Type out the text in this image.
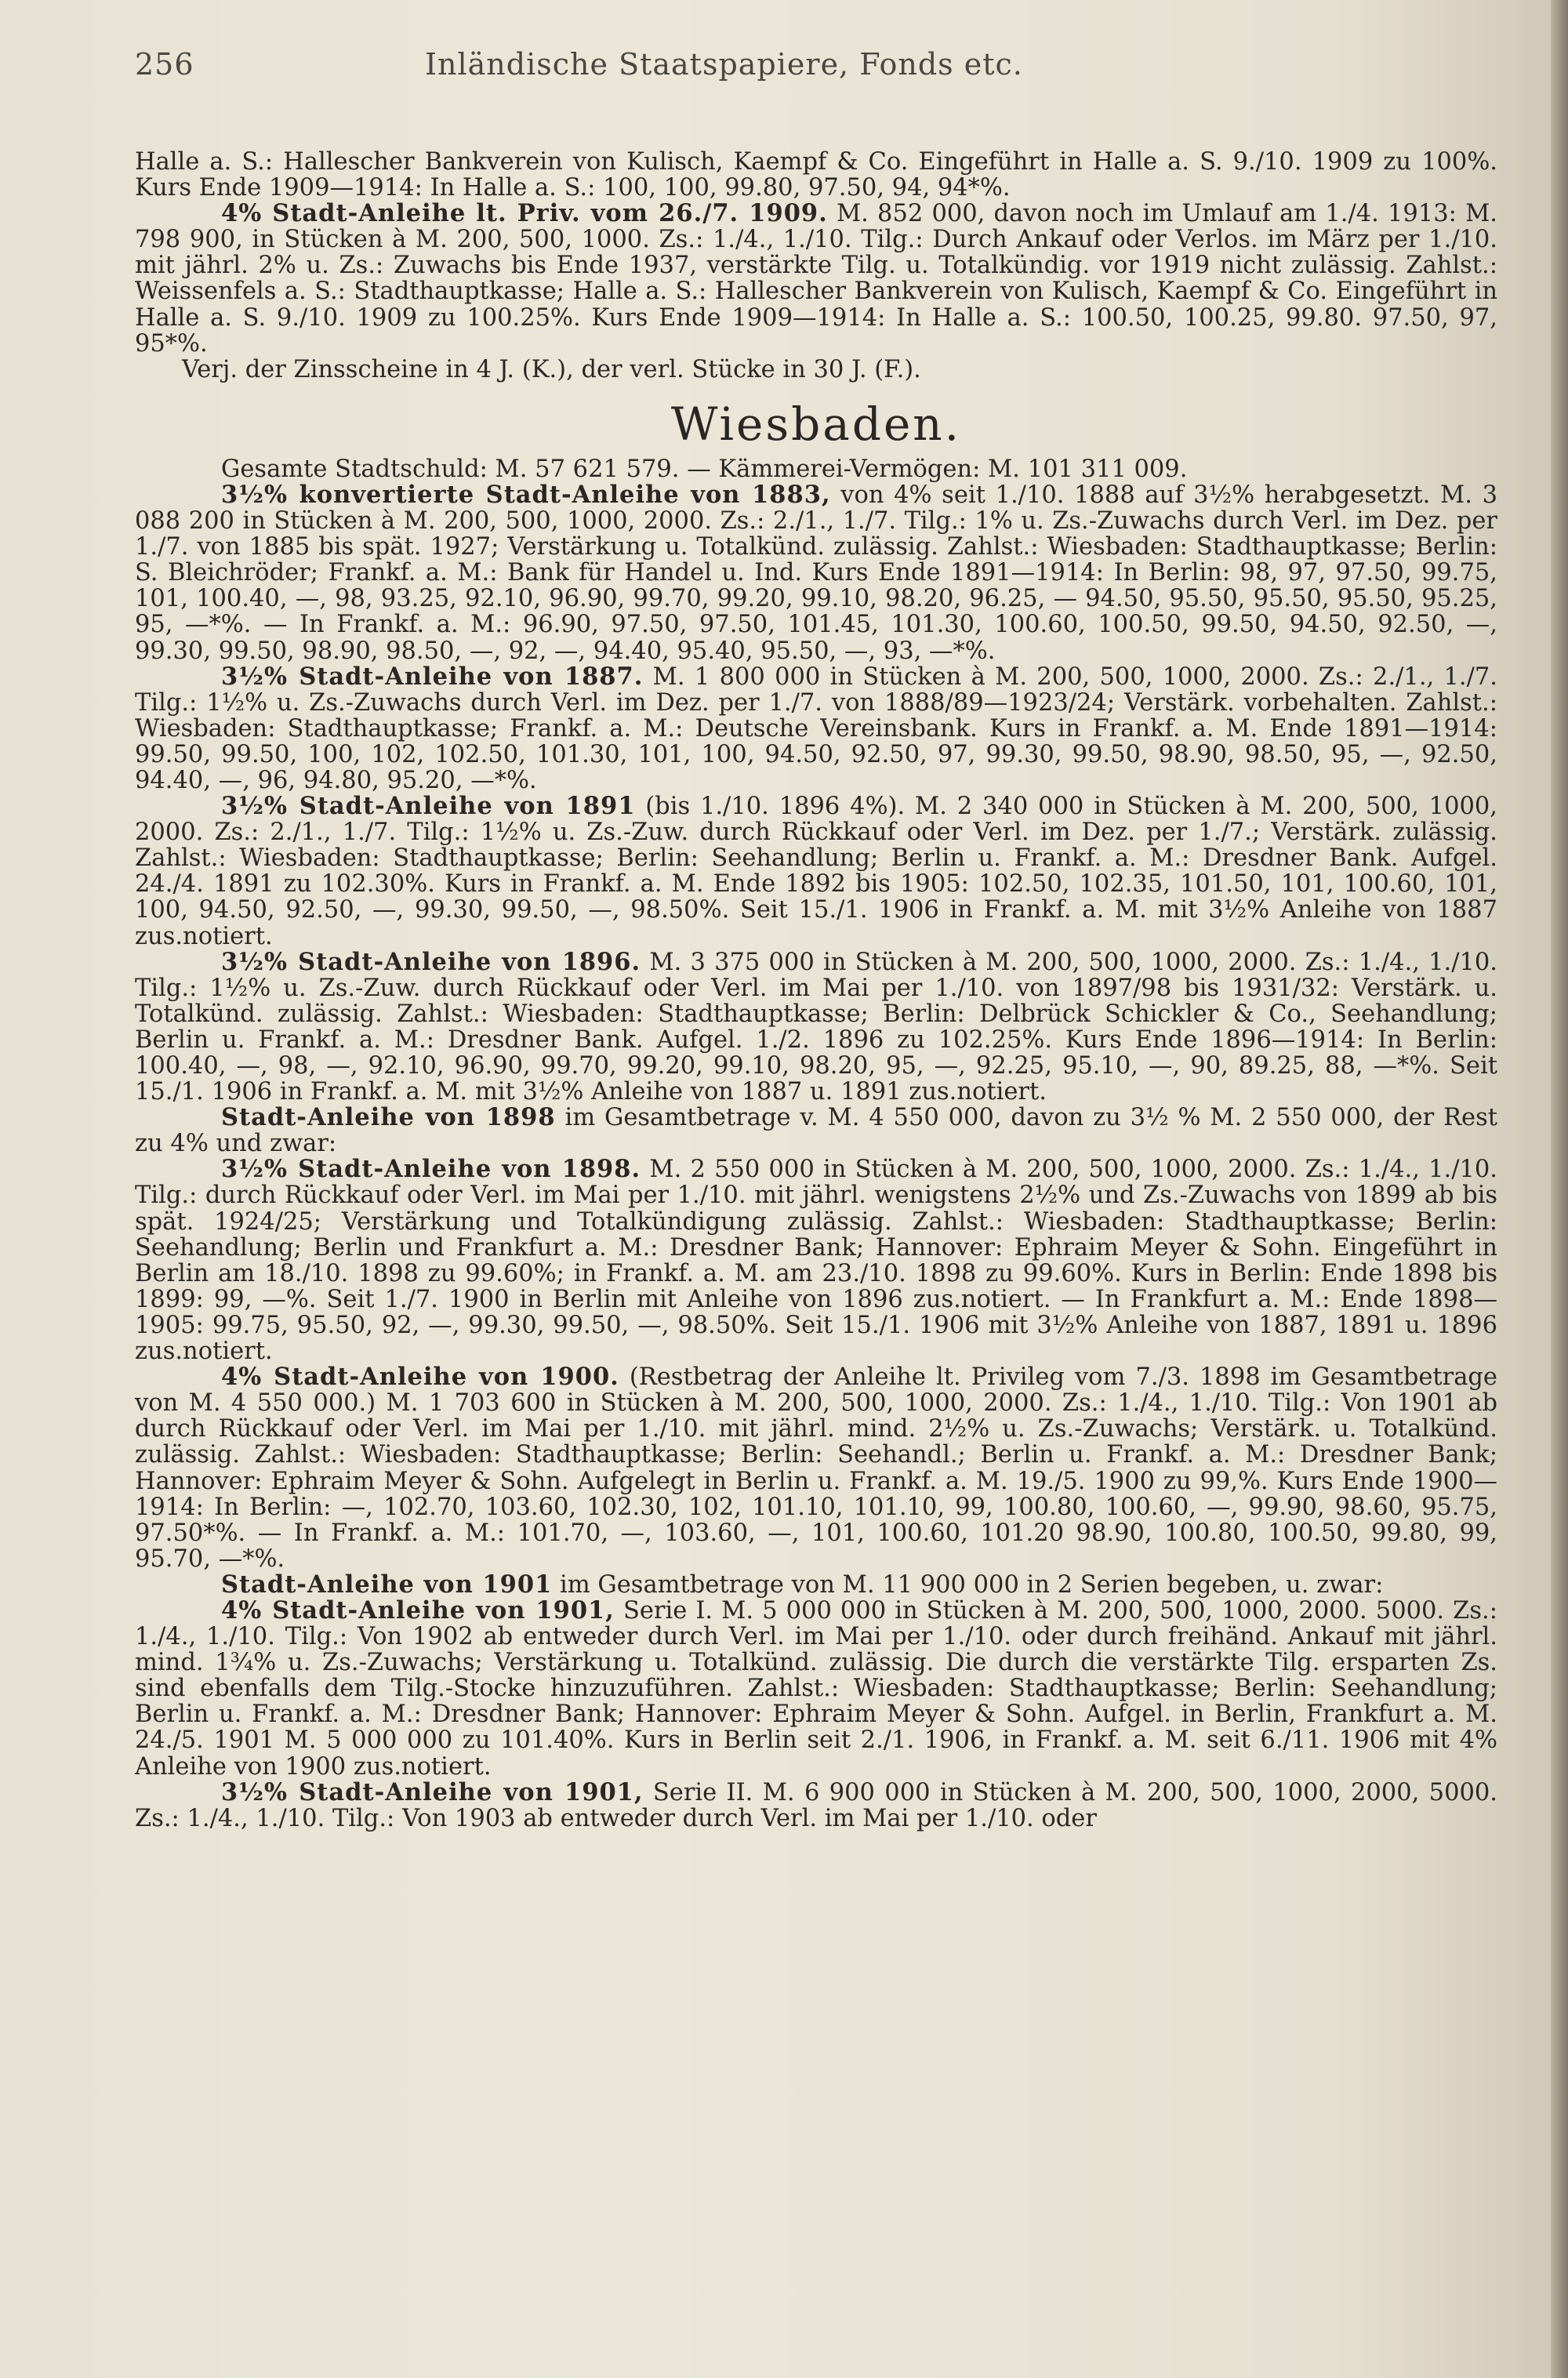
256	Inländische Staatspapiere, Fonds etc.

Halle a. S.: Hallescher Bankverein von Kulisch, Kaempf & Co. Eingeführt in Halle a. S. 9./10. 1909 zu 100%. Kurs Ende 1909—1914: In Halle a. S.: 100, 100, 99.80, 97.50, 94, 94*%.

4% Stadt-Anleihe lt. Priv. vom 26./7. 1909. M. 852 000, davon noch im Umlauf am 1./4. 1913: M. 798 900, in Stücken à M. 200, 500, 1000. Zs.: 1./4., 1./10. Tilg.: Durch Ankauf oder Verlos. im März per 1./10. mit jährl. 2% u. Zs.: Zuwachs bis Ende 1937, verstärkte Tilg. u. Totalkündig. vor 1919 nicht zulässig. Zahlst.: Weissenfels a. S.: Stadthauptkasse; Halle a. S.: Hallescher Bankverein von Kulisch, Kaempf & Co. Eingeführt in Halle a. S. 9./10. 1909 zu 100.25%. Kurs Ende 1909—1914: In Halle a. S.: 100.50, 100.25, 99.80. 97.50, 97, 95*%.

Verj. der Zinsscheine in 4 J. (K.), der verl. Stücke in 30 J. (F.).

Wiesbaden.

Gesamte Stadtschuld: M. 57 621 579. — Kämmerei-Vermögen: M. 101 311 009.

3½% konvertierte Stadt-Anleihe von 1883, von 4% seit 1./10. 1888 auf 3½% herabgesetzt. M. 3 088 200 in Stücken à M. 200, 500, 1000, 2000. Zs.: 2./1., 1./7. Tilg.: 1% u. Zs.-Zuwachs durch Verl. im Dez. per 1./7. von 1885 bis spät. 1927; Verstärkung u. Totalkünd. zulässig. Zahlst.: Wiesbaden: Stadthauptkasse; Berlin: S. Bleichröder; Frankf. a. M.: Bank für Handel u. Ind. Kurs Ende 1891—1914: In Berlin: 98, 97, 97.50, 99.75, 101, 100.40, —, 98, 93.25, 92.10, 96.90, 99.70, 99.20, 99.10, 98.20, 96.25, — 94.50, 95.50, 95.50, 95.50, 95.25, 95, —*%. — In Frankf. a. M.: 96.90, 97.50, 97.50, 101.45, 101.30, 100.60, 100.50, 99.50, 94.50, 92.50, —, 99.30, 99.50, 98.90, 98.50, —, 92, —, 94.40, 95.40, 95.50, —, 93, —*%.

3½% Stadt-Anleihe von 1887. M. 1 800 000 in Stücken à M. 200, 500, 1000, 2000. Zs.: 2./1., 1./7. Tilg.: 1½% u. Zs.-Zuwachs durch Verl. im Dez. per 1./7. von 1888/89—1923/24; Verstärk. vorbehalten. Zahlst.: Wiesbaden: Stadthauptkasse; Frankf. a. M.: Deutsche Vereinsbank. Kurs in Frankf. a. M. Ende 1891—1914: 99.50, 99.50, 100, 102, 102.50, 101.30, 101, 100, 94.50, 92.50, 97, 99.30, 99.50, 98.90, 98.50, 95, —, 92.50, 94.40, —, 96, 94.80, 95.20, —*%.

3½% Stadt-Anleihe von 1891 (bis 1./10. 1896 4%). M. 2 340 000 in Stücken à M. 200, 500, 1000, 2000. Zs.: 2./1., 1./7. Tilg.: 1½% u. Zs.-Zuw. durch Rückkauf oder Verl. im Dez. per 1./7.; Verstärk. zulässig. Zahlst.: Wiesbaden: Stadthauptkasse; Berlin: Seehandlung; Berlin u. Frankf. a. M.: Dresdner Bank. Aufgel. 24./4. 1891 zu 102.30%. Kurs in Frankf. a. M. Ende 1892 bis 1905: 102.50, 102.35, 101.50, 101, 100.60, 101, 100, 94.50, 92.50, —, 99.30, 99.50, —, 98.50%. Seit 15./1. 1906 in Frankf. a. M. mit 3½% Anleihe von 1887 zus.notiert.

3½% Stadt-Anleihe von 1896. M. 3 375 000 in Stücken à M. 200, 500, 1000, 2000. Zs.: 1./4., 1./10. Tilg.: 1½% u. Zs.-Zuw. durch Rückkauf oder Verl. im Mai per 1./10. von 1897/98 bis 1931/32: Verstärk. u. Totalkünd. zulässig. Zahlst.: Wiesbaden: Stadthauptkasse; Berlin: Delbrück Schickler & Co., Seehandlung; Berlin u. Frankf. a. M.: Dresdner Bank. Aufgel. 1./2. 1896 zu 102.25%. Kurs Ende 1896—1914: In Berlin: 100.40, —, 98, —, 92.10, 96.90, 99.70, 99.20, 99.10, 98.20, 95, —, 92.25, 95.10, —, 90, 89.25, 88, —*%. Seit 15./1. 1906 in Frankf. a. M. mit 3½% Anleihe von 1887 u. 1891 zus.notiert.

Stadt-Anleihe von 1898 im Gesamtbetrage v. M. 4 550 000, davon zu 3½ % M. 2 550 000, der Rest zu 4% und zwar:

3½% Stadt-Anleihe von 1898. M. 2 550 000 in Stücken à M. 200, 500, 1000, 2000. Zs.: 1./4., 1./10. Tilg.: durch Rückkauf oder Verl. im Mai per 1./10. mit jährl. wenigstens 2½% und Zs.-Zuwachs von 1899 ab bis spät. 1924/25; Verstärkung und Totalkündigung zulässig. Zahlst.: Wiesbaden: Stadthauptkasse; Berlin: Seehandlung; Berlin und Frankfurt a. M.: Dresdner Bank; Hannover: Ephraim Meyer & Sohn. Eingeführt in Berlin am 18./10. 1898 zu 99.60%; in Frankf. a. M. am 23./10. 1898 zu 99.60%. Kurs in Berlin: Ende 1898 bis 1899: 99, —%. Seit 1./7. 1900 in Berlin mit Anleihe von 1896 zus.notiert. — In Frankfurt a. M.: Ende 1898—1905: 99.75, 95.50, 92, —, 99.30, 99.50, —, 98.50%. Seit 15./1. 1906 mit 3½% Anleihe von 1887, 1891 u. 1896 zus.notiert.

4% Stadt-Anleihe von 1900. (Restbetrag der Anleihe lt. Privileg vom 7./3. 1898 im Gesamtbetrage von M. 4 550 000.) M. 1 703 600 in Stücken à M. 200, 500, 1000, 2000. Zs.: 1./4., 1./10. Tilg.: Von 1901 ab durch Rückkauf oder Verl. im Mai per 1./10. mit jährl. mind. 2½% u. Zs.-Zuwachs; Verstärk. u. Totalkünd. zulässig. Zahlst.: Wiesbaden: Stadthauptkasse; Berlin: Seehandl.; Berlin u. Frankf. a. M.: Dresdner Bank; Hannover: Ephraim Meyer & Sohn. Aufgelegt in Berlin u. Frankf. a. M. 19./5. 1900 zu 99,%. Kurs Ende 1900—1914: In Berlin: —, 102.70, 103.60, 102.30, 102, 101.10, 101.10, 99, 100.80, 100.60, —, 99.90, 98.60, 95.75, 97.50*%. — In Frankf. a. M.: 101.70, —, 103.60, —, 101, 100.60, 101.20 98.90, 100.80, 100.50, 99.80, 99, 95.70, —*%.

Stadt-Anleihe von 1901 im Gesamtbetrage von M. 11 900 000 in 2 Serien begeben, u. zwar:

4% Stadt-Anleihe von 1901, Serie I. M. 5 000 000 in Stücken à M. 200, 500, 1000, 2000. 5000. Zs.: 1./4., 1./10. Tilg.: Von 1902 ab entweder durch Verl. im Mai per 1./10. oder durch freihänd. Ankauf mit jährl. mind. 1¾% u. Zs.-Zuwachs; Verstärkung u. Totalkünd. zulässig. Die durch die verstärkte Tilg. ersparten Zs. sind ebenfalls dem Tilg.-Stocke hinzuzuführen. Zahlst.: Wiesbaden: Stadthauptkasse; Berlin: Seehandlung; Berlin u. Frankf. a. M.: Dresdner Bank; Hannover: Ephraim Meyer & Sohn. Aufgel. in Berlin, Frankfurt a. M. 24./5. 1901 M. 5 000 000 zu 101.40%. Kurs in Berlin seit 2./1. 1906, in Frankf. a. M. seit 6./11. 1906 mit 4% Anleihe von 1900 zus.notiert.

3½% Stadt-Anleihe von 1901, Serie II. M. 6 900 000 in Stücken à M. 200, 500, 1000, 2000, 5000. Zs.: 1./4., 1./10. Tilg.: Von 1903 ab entweder durch Verl. im Mai per 1./10. oder
